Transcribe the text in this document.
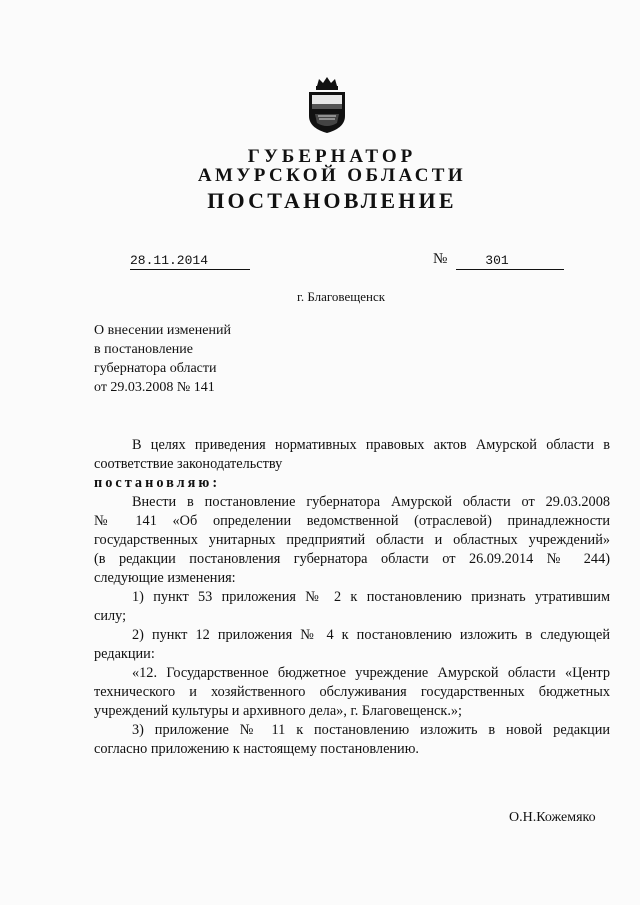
ГУБЕРНАТОР
АМУРСКОЙ ОБЛАСТИ
ПОСТАНОВЛЕНИЕ
28.11.2014	№	301
г. Благовещенск
О внесении изменений
в постановление
губернатора области
от 29.03.2008 № 141
В целях приведения нормативных правовых актов Амурской области в
соответствие законодательству
постановляю:
Внести в постановление губернатора Амурской области от 29.03.2008
№ 141 «Об определении ведомственной (отраслевой) принадлежности
государственных унитарных предприятий области и областных учреждений»
(в редакции постановления губернатора области от 26.09.2014 № 244)
следующие изменения:
1) пункт 53 приложения № 2 к постановлению признать утратившим
силу;
2) пункт 12 приложения № 4 к постановлению изложить в следующей
редакции:
«12. Государственное бюджетное учреждение Амурской области «Центр
технического и хозяйственного обслуживания государственных бюджетных
учреждений культуры и архивного дела», г. Благовещенск.»;
3) приложение № 11 к постановлению изложить в новой редакции
согласно приложению к настоящему постановлению.
О.Н.Кожемяко
